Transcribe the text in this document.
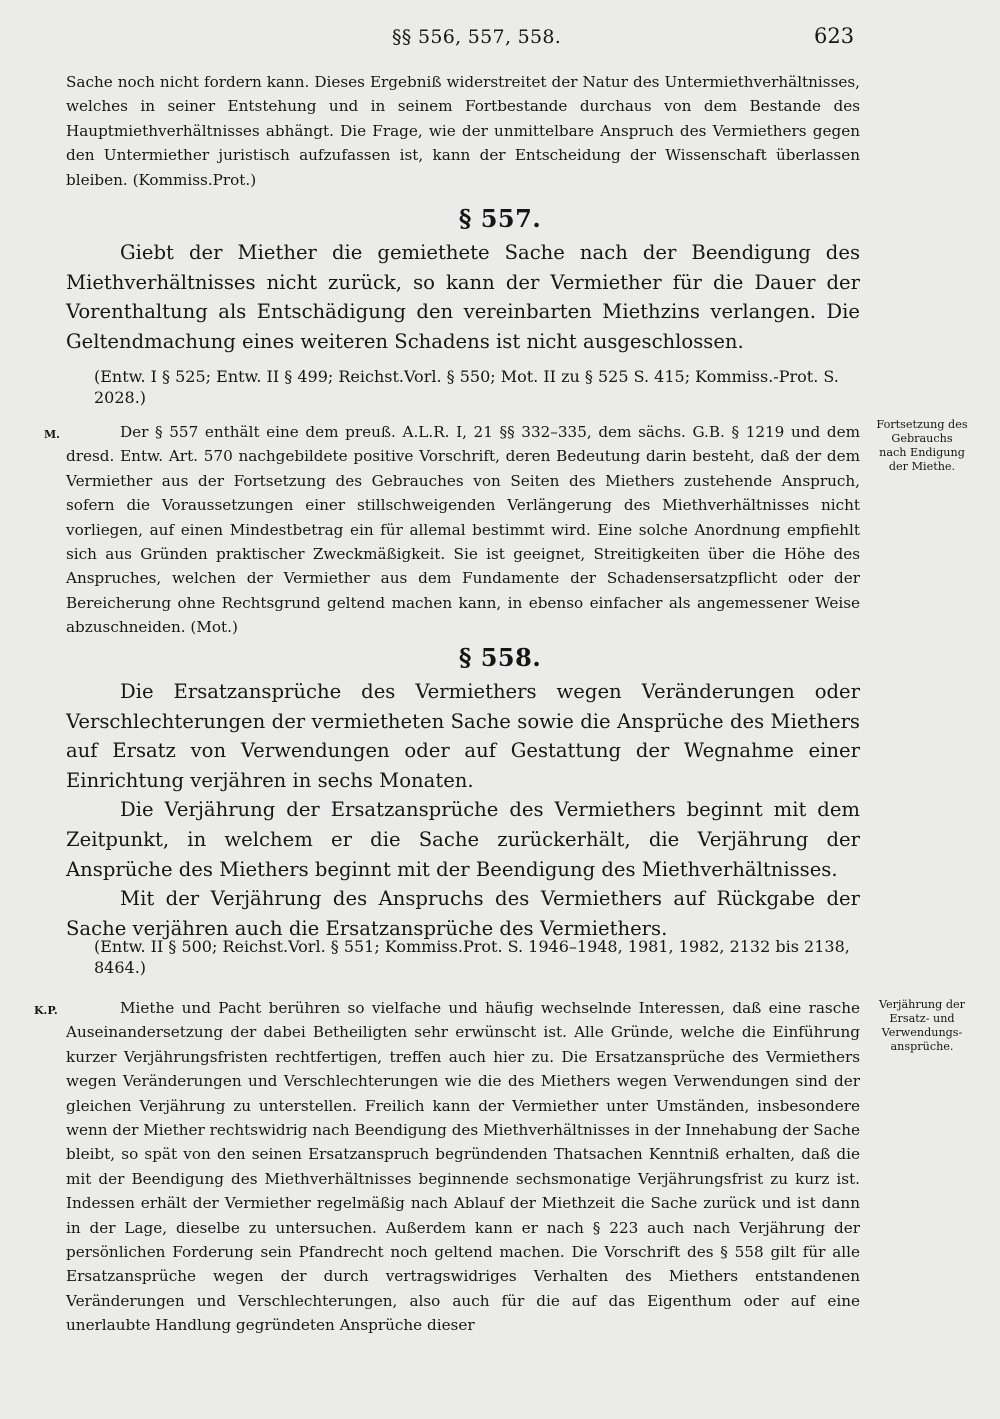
§§ 556, 557, 558.	623

Sache noch nicht fordern kann. Dieses Ergebniß widerstreitet der Natur des Untermiethverhältnisses, welches in seiner Entstehung und in seinem Fortbestande durchaus von dem Bestande des Hauptmiethverhältnisses abhängt. Die Frage, wie der unmittelbare Anspruch des Vermiethers gegen den Untermiether juristisch aufzufassen ist, kann der Entscheidung der Wissenschaft überlassen bleiben. (Kommiss.Prot.)

§ 557.

Giebt der Miether die gemiethete Sache nach der Beendigung des Miethverhältnisses nicht zurück, so kann der Vermiether für die Dauer der Vorenthaltung als Entschädigung den vereinbarten Miethzins verlangen. Die Geltendmachung eines weiteren Schadens ist nicht ausgeschlossen.

(Entw. I § 525; Entw. II § 499; Reichst.Vorl. § 550; Mot. II zu § 525 S. 415; Kommiss.-Prot. S. 2028.)

M.	Der § 557 enthält eine dem preuß. A.L.R. I, 21 §§ 332–335, dem sächs. G.B. § 1219 und dem dresd. Entw. Art. 570 nachgebildete positive Vorschrift, deren Bedeutung darin besteht, daß der dem Vermiether aus der Fortsetzung des Gebrauches von Seiten des Miethers zustehende Anspruch, sofern die Voraussetzungen einer stillschweigenden Verlängerung des Miethverhältnisses nicht vorliegen, auf einen Mindestbetrag ein für allemal bestimmt wird. Eine solche Anordnung empfiehlt sich aus Gründen praktischer Zweckmäßigkeit. Sie ist geeignet, Streitigkeiten über die Höhe des Anspruches, welchen der Vermiether aus dem Fundamente der Schadensersatzpflicht oder der Bereicherung ohne Rechtsgrund geltend machen kann, in ebenso einfacher als angemessener Weise abzuschneiden. (Mot.)

Fortsetzung des
Gebrauchs
nach Endigung
der Miethe.
§ 558.

Die Ersatzansprüche des Vermiethers wegen Veränderungen oder Verschlechterungen der vermietheten Sache sowie die Ansprüche des Miethers auf Ersatz von Verwendungen oder auf Gestattung der Wegnahme einer Einrichtung verjähren in sechs Monaten.

Die Verjährung der Ersatzansprüche des Vermiethers beginnt mit dem Zeitpunkt, in welchem er die Sache zurückerhält, die Verjährung der Ansprüche des Miethers beginnt mit der Beendigung des Miethverhältnisses.

Mit der Verjährung des Anspruchs des Vermiethers auf Rückgabe der Sache verjähren auch die Ersatzansprüche des Vermiethers.

(Entw. II § 500; Reichst.Vorl. § 551; Kommiss.Prot. S. 1946–1948, 1981, 1982, 2132 bis 2138, 8464.)

K.P.	Miethe und Pacht berühren so vielfache und häufig wechselnde Interessen, daß eine rasche Auseinandersetzung der dabei Betheiligten sehr erwünscht ist. Alle Gründe, welche die Einführung kurzer Verjährungsfristen rechtfertigen, treffen auch hier zu. Die Ersatzansprüche des Vermiethers wegen Veränderungen und Verschlechterungen wie die des Miethers wegen Verwendungen sind der gleichen Verjährung zu unterstellen. Freilich kann der Vermiether unter Umständen, insbesondere wenn der Miether rechtswidrig nach Beendigung des Miethverhältnisses in der Innehabung der Sache bleibt, so spät von den seinen Ersatzanspruch begründenden Thatsachen Kenntniß erhalten, daß die mit der Beendigung des Miethverhältnisses beginnende sechsmonatige Verjährungsfrist zu kurz ist. Indessen erhält der Vermiether regelmäßig nach Ablauf der Miethzeit die Sache zurück und ist dann in der Lage, dieselbe zu untersuchen. Außerdem kann er nach § 223 auch nach Verjährung der persönlichen Forderung sein Pfandrecht noch geltend machen. Die Vorschrift des § 558 gilt für alle Ersatzansprüche wegen der durch vertragswidriges Verhalten des Miethers entstandenen Veränderungen und Verschlechterungen, also auch für die auf das Eigenthum oder auf eine unerlaubte Handlung gegründeten Ansprüche dieser

Verjährung der
Ersatz- und
Verwendungs-
ansprüche.
